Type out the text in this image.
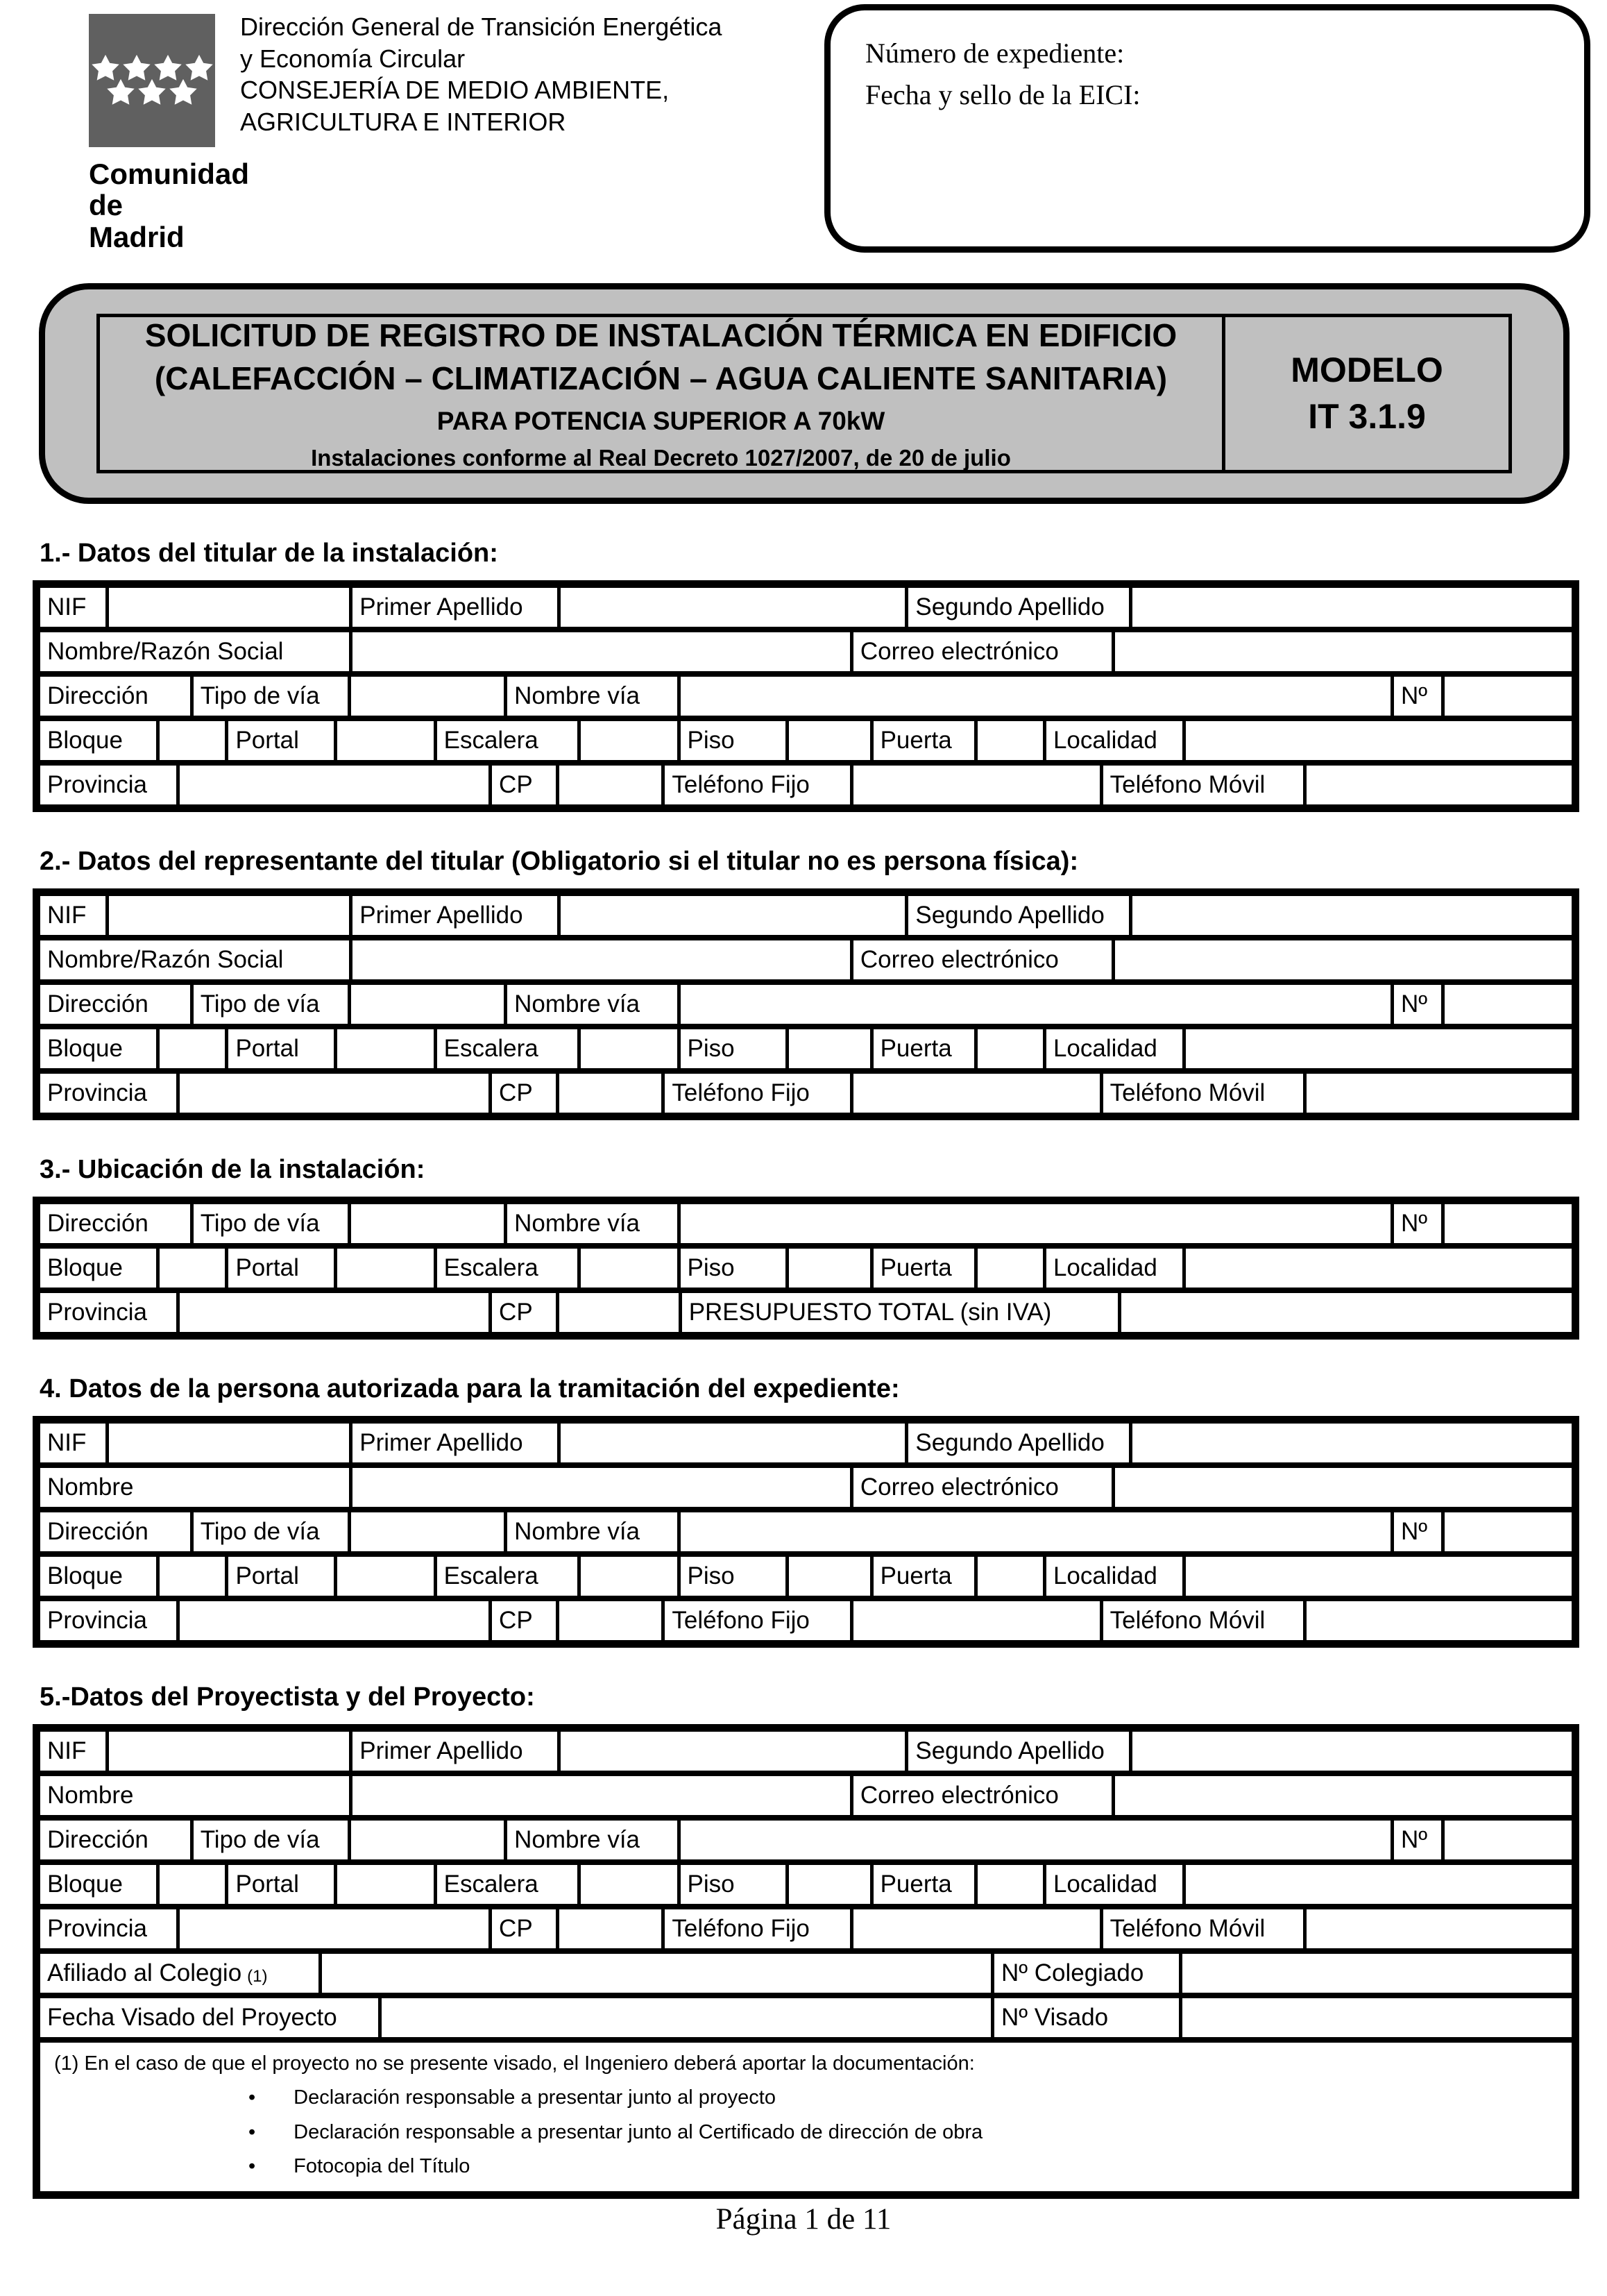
Comunidad
de Madrid
Dirección General de Transición Energética
y Economía Circular
CONSEJERÍA DE MEDIO AMBIENTE,
AGRICULTURA E INTERIOR
Número de expediente:
Fecha y sello de la EICI:
SOLICITUD DE REGISTRO DE INSTALACIÓN TÉRMICA EN EDIFICIO
(CALEFACCIÓN – CLIMATIZACIÓN – AGUA CALIENTE SANITARIA)
PARA POTENCIA SUPERIOR A 70kW
Instalaciones conforme al Real Decreto 1027/2007, de 20 de julio
MODELO
IT 3.1.9
1.- Datos del titular de la instalación:
NIF	Primer Apellido	Segundo Apellido
Nombre/Razón Social	Correo electrónico
Dirección Tipo de vía	Nombre vía	Nº
Bloque	Portal	Escalera	Piso	Puerta	Localidad
Provincia	CP	Teléfono Fijo	Teléfono Móvil
2.- Datos del representante del titular (Obligatorio si el titular no es persona física):
NIF	Primer Apellido	Segundo Apellido
Nombre/Razón Social	Correo electrónico
Dirección Tipo de vía	Nombre vía	Nº
Bloque	Portal	Escalera	Piso	Puerta	Localidad
Provincia	CP	Teléfono Fijo	Teléfono Móvil
3.- Ubicación de la instalación:
Dirección Tipo de vía	Nombre vía	Nº
Bloque	Portal	Escalera	Piso	Puerta	Localidad
Provincia	CP	PRESUPUESTO TOTAL (sin IVA)
4. Datos de la persona autorizada para la tramitación del expediente:
NIF	Primer Apellido	Segundo Apellido
Nombre	Correo electrónico
Dirección Tipo de vía	Nombre vía	Nº
Bloque	Portal	Escalera	Piso	Puerta	Localidad
Provincia	CP	Teléfono Fijo	Teléfono Móvil
5.-Datos del Proyectista y del Proyecto:
NIF	Primer Apellido	Segundo Apellido
Nombre	Correo electrónico
Dirección Tipo de vía	Nombre vía	Nº
Bloque	Portal	Escalera	Piso	Puerta	Localidad
Provincia	CP	Teléfono Fijo	Teléfono Móvil
Afiliado al Colegio (1)	Nº Colegiado
Fecha Visado del Proyecto	Nº Visado
(1) En el caso de que el proyecto no se presente visado, el Ingeniero deberá aportar la documentación:
• Declaración responsable a presentar junto al proyecto
• Declaración responsable a presentar junto al Certificado de dirección de obra
• Fotocopia del Título
Página 1 de 11
